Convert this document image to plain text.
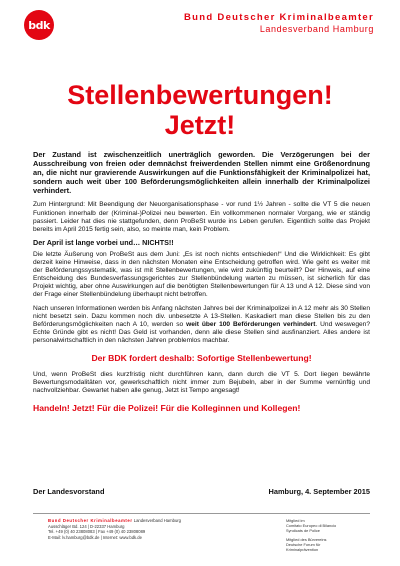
bdk
Bund Deutscher Kriminalbeamter
Landesverband Hamburg
Stellenbewertungen!
Jetzt!

Der Zustand ist zwischenzeitlich unerträglich geworden. Die Verzögerungen bei der Ausschreibung von freien oder demnächst freiwerdenden Stellen nimmt eine Größenordnung an, die nicht nur gravierende Auswirkungen auf die Funktionsfähigkeit der Kriminalpolizei hat, sondern auch weit über 100 Beförderungsmöglichkeiten allein innerhalb der Kriminalpolizei verhindert.

Zum Hintergrund: Mit Beendigung der Neuorganisationsphase - vor rund 1½ Jahren - sollte die VT 5 die neuen Funktionen innerhalb der (Kriminal-)Polizei neu bewerten. Ein vollkommenen normaler Vorgang, wie er ständig passiert. Leider hat dies nie stattgefunden, denn ProBeSt wurde ins Leben gerufen. Eigentlich sollte das Projekt bereits im April 2015 fertig sein, also, so meinte man, kein Problem.

Der April ist lange vorbei und… NICHTS!!

Die letzte Äußerung von ProBeSt aus dem Juni: „Es ist noch nichts entschieden!“ Und die Wirklichkeit: Es gibt derzeit keine Hinweise, dass in den nächsten Monaten eine Entscheidung getroffen wird. Wie geht es weiter mit der Beförderungssystematik, was ist mit Stellenbewertungen, wie wird zukünftig beurteilt? Der Hinweis, auf eine Entscheidung des Bundesverfassungsgerichtes zur Stellenbündelung warten zu müssen, ist sicherlich für das Projekt wichtig, aber ohne Auswirkungen auf die benötigten Stellenbewertungen für A 13 und A 12. Diese sind von der Frage einer Stellenbündelung überhaupt nicht betroffen.

Nach unseren Informationen werden bis Anfang nächsten Jahres bei der Kriminalpolizei in A 12 mehr als 30 Stellen nicht besetzt sein. Dazu kommen noch div. unbesetzte A 13-Stellen. Kaskadiert man diese Stellen bis zu den Beförderungsmöglichkeiten nach A 10, werden so weit über 100 Beförderungen verhindert. Und weswegen? Echte Gründe gibt es nicht! Das Geld ist vorhanden, denn alle diese Stellen sind ausfinanziert. Alles andere ist personalwirtschaftlich in den nächsten Jahren problemlos machbar.

Der BDK fordert deshalb: Sofortige Stellenbewertung!

Und, wenn ProBeSt dies kurzfristig nicht durchführen kann, dann durch die VT 5. Dort liegen bewährte Bewertungsmodalitäten vor, gewerkschaftlich nicht immer zum Bejubeln, aber in der Summe vernünftig und nachvollziehbar. Gewartet haben alle genug, Jetzt ist Tempo angesagt!

Handeln! Jetzt! Für die Polizei! Für die Kolleginnen und Kollegen!

Der Landesvorstand	Hamburg, 4. September 2015
Bund Deutscher Kriminalbeamter Landesverband Hamburg
Ausschläger Bd. 124 | D-22337 Hamburg
Tel. +49 (0) 40 23808083 | Fax +49 (0) 40 23808089
E-Mail: lv.hamburg@bdk.de | Internet: www.bdk.de
Mitglied im
Comitato Europeo di Bilancio
Syndicats de Police
Mitglied des Bürvereins
Deutsche Forum für
Kriminalprävention
